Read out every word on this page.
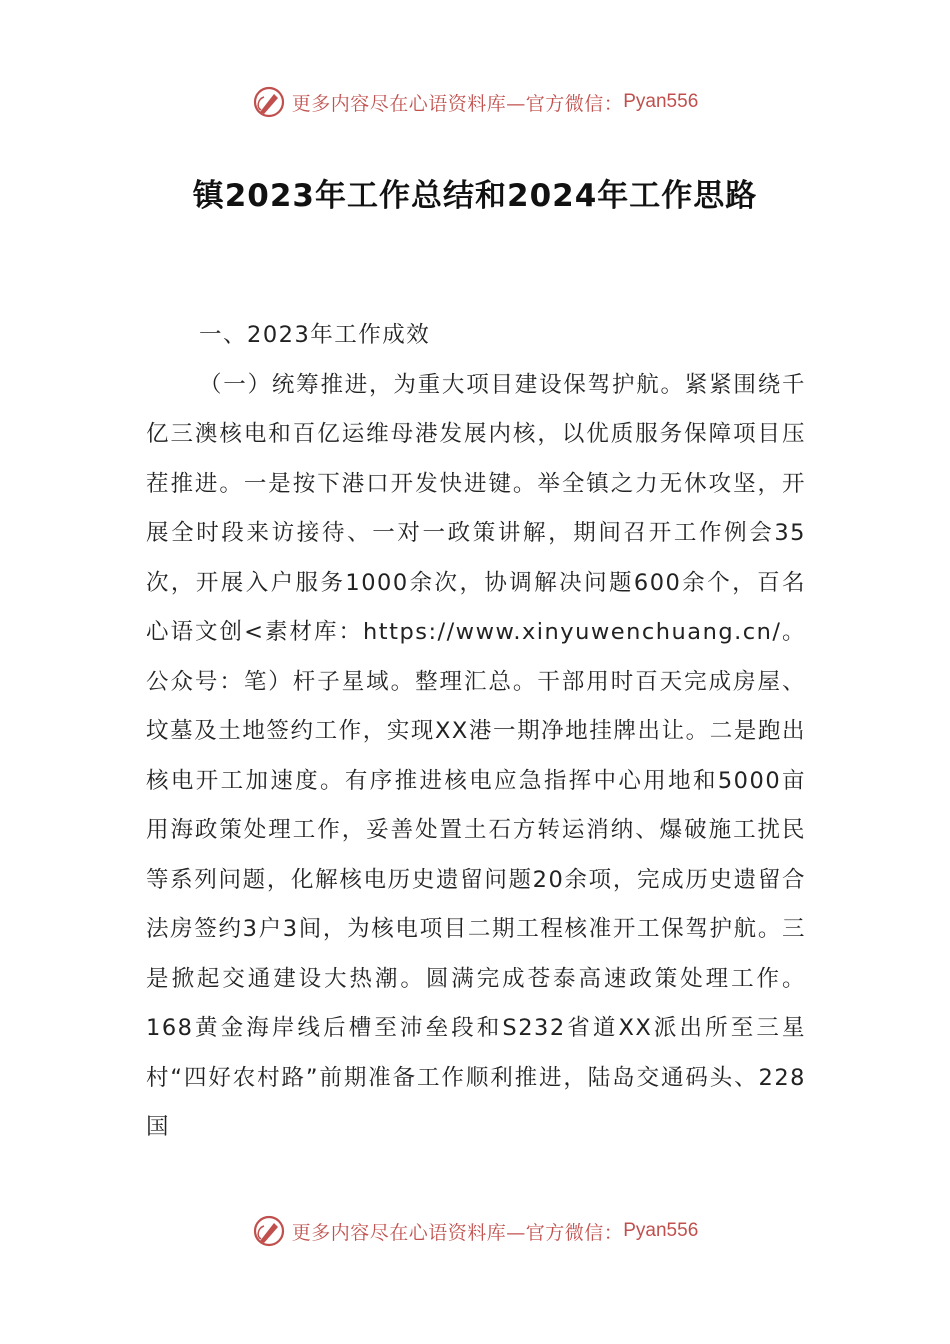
更多内容尽在心语资料库—官方微信： Pyan556
镇2023年工作总结和2024年工作思路

一、2023年工作成效

（一）统筹推进，为重大项目建设保驾护航。紧紧围绕千亿三澳核电和百亿运维母港发展内核，以优质服务保障项目压茬推进。一是按下港口开发快进键。举全镇之力无休攻坚，开展全时段来访接待、一对一政策讲解，期间召开工作例会35次，开展入户服务1000余次，协调解决问题600余个，百名心语文创<素材库：https://www.xinyuwenchuang.cn/。公众号：笔）杆子星域。整理汇总。干部用时百天完成房屋、坟墓及土地签约工作，实现XX港一期净地挂牌出让。二是跑出核电开工加速度。有序推进核电应急指挥中心用地和5000亩用海政策处理工作，妥善处置土石方转运消纳、爆破施工扰民等系列问题，化解核电历史遗留问题20余项，完成历史遗留合法房签约3户3间，为核电项目二期工程核准开工保驾护航。三是掀起交通建设大热潮。圆满完成苍泰高速政策处理工作。168黄金海岸线后槽至沛垒段和S232省道XX派出所至三星村“四好农村路”前期准备工作顺利推进，陆岛交通码头、228国

更多内容尽在心语资料库—官方微信： Pyan556
